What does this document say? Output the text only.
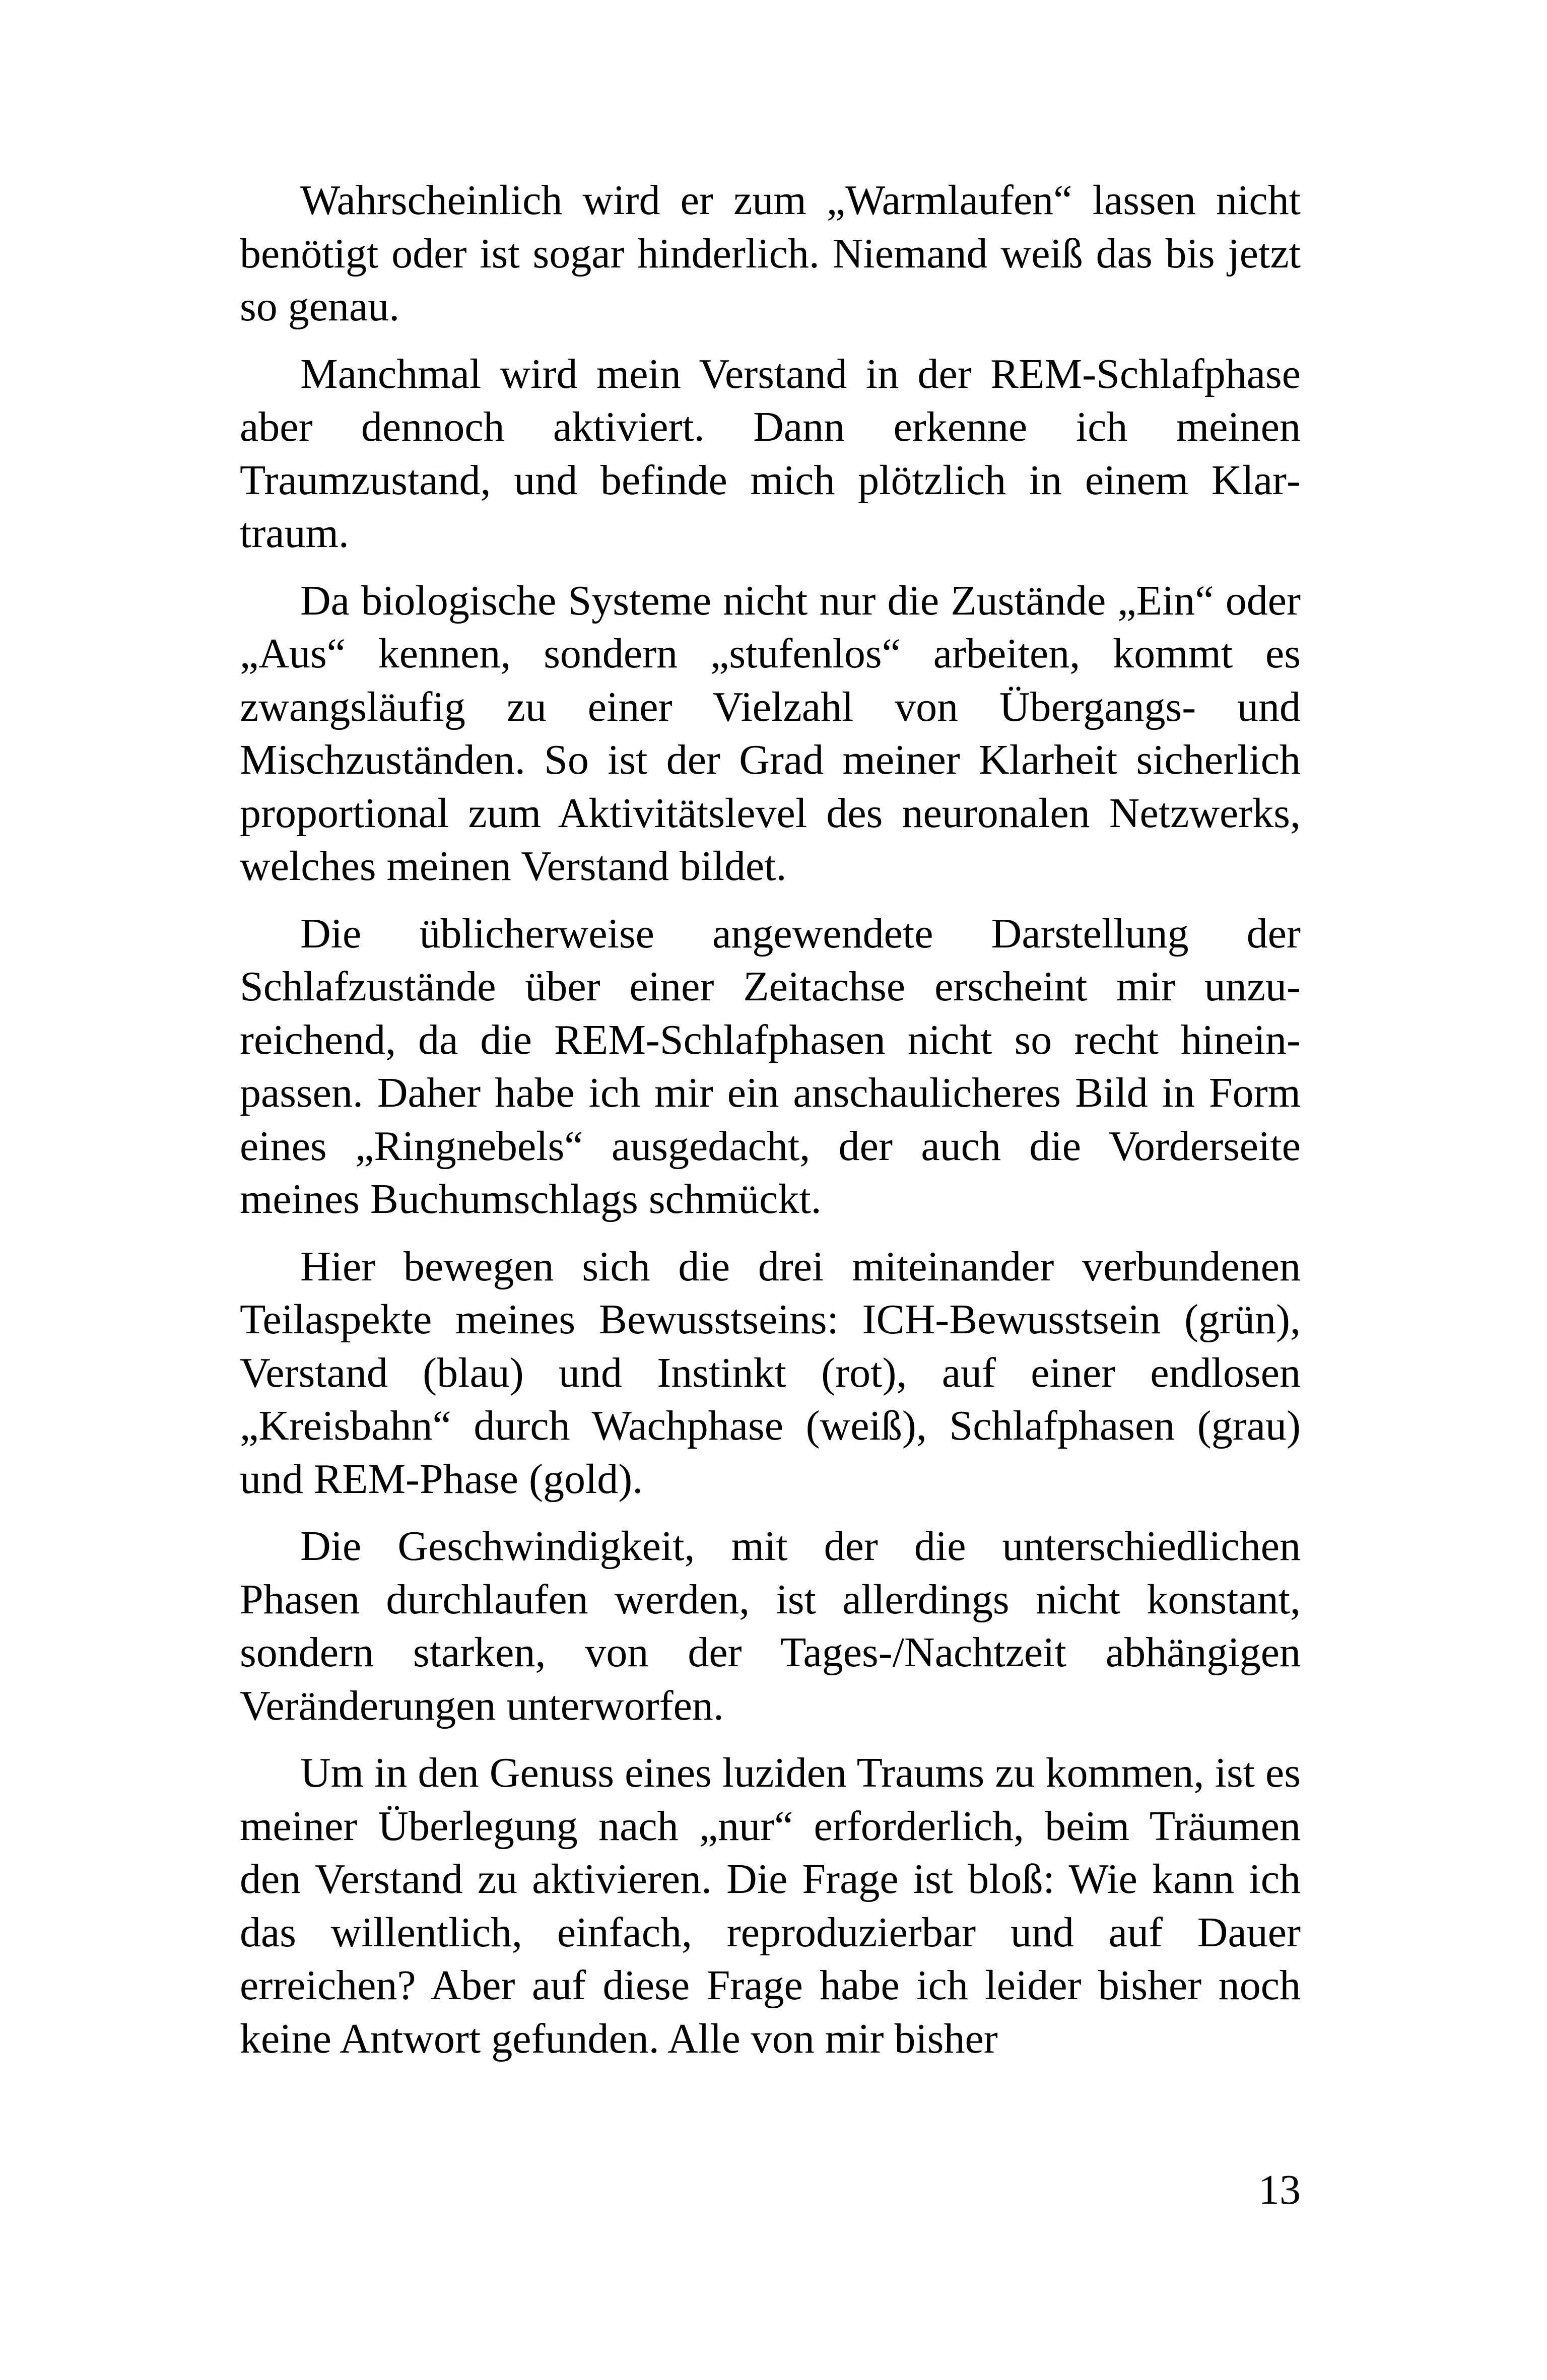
Wahrscheinlich wird er zum „Warmlaufen“ lassen nicht benötigt oder ist sogar hinderlich. Niemand weiß das bis jetzt so genau.

Manchmal wird mein Verstand in der REM-Schlafphase aber dennoch aktiviert. Dann erkenne ich meinen Traumzustand, und befinde mich plötzlich in einem Klartraum.

Da biologische Systeme nicht nur die Zustände „Ein“ oder „Aus“ kennen, sondern „stufenlos“ arbeiten, kommt es zwangsläufig zu einer Vielzahl von Übergangs- und Mischzuständen. So ist der Grad meiner Klarheit sicherlich proportional zum Aktivitätslevel des neuronalen Netzwerks, welches meinen Verstand bildet.

Die üblicherweise angewendete Darstellung der Schlafzustände über einer Zeitachse erscheint mir unzureichend, da die REM-Schlafphasen nicht so recht hineinpassen. Daher habe ich mir ein anschaulicheres Bild in Form eines „Ringnebels“ ausgedacht, der auch die Vorderseite meines Buchumschlags schmückt.

Hier bewegen sich die drei miteinander verbundenen Teilaspekte meines Bewusstseins: ICH-Bewusstsein (grün), Verstand (blau) und Instinkt (rot), auf einer endlosen „Kreisbahn“ durch Wachphase (weiß), Schlafphasen (grau) und REM-Phase (gold).

Die Geschwindigkeit, mit der die unterschiedlichen Phasen durchlaufen werden, ist allerdings nicht konstant, sondern starken, von der Tages-/Nachtzeit abhängigen Veränderungen unterworfen.

Um in den Genuss eines luziden Traums zu kommen, ist es meiner Überlegung nach „nur“ erforderlich, beim Träumen den Verstand zu aktivieren. Die Frage ist bloß: Wie kann ich das willentlich, einfach, reproduzierbar und auf Dauer erreichen? Aber auf diese Frage habe ich leider bisher noch keine Antwort gefunden. Alle von mir bisher

13
